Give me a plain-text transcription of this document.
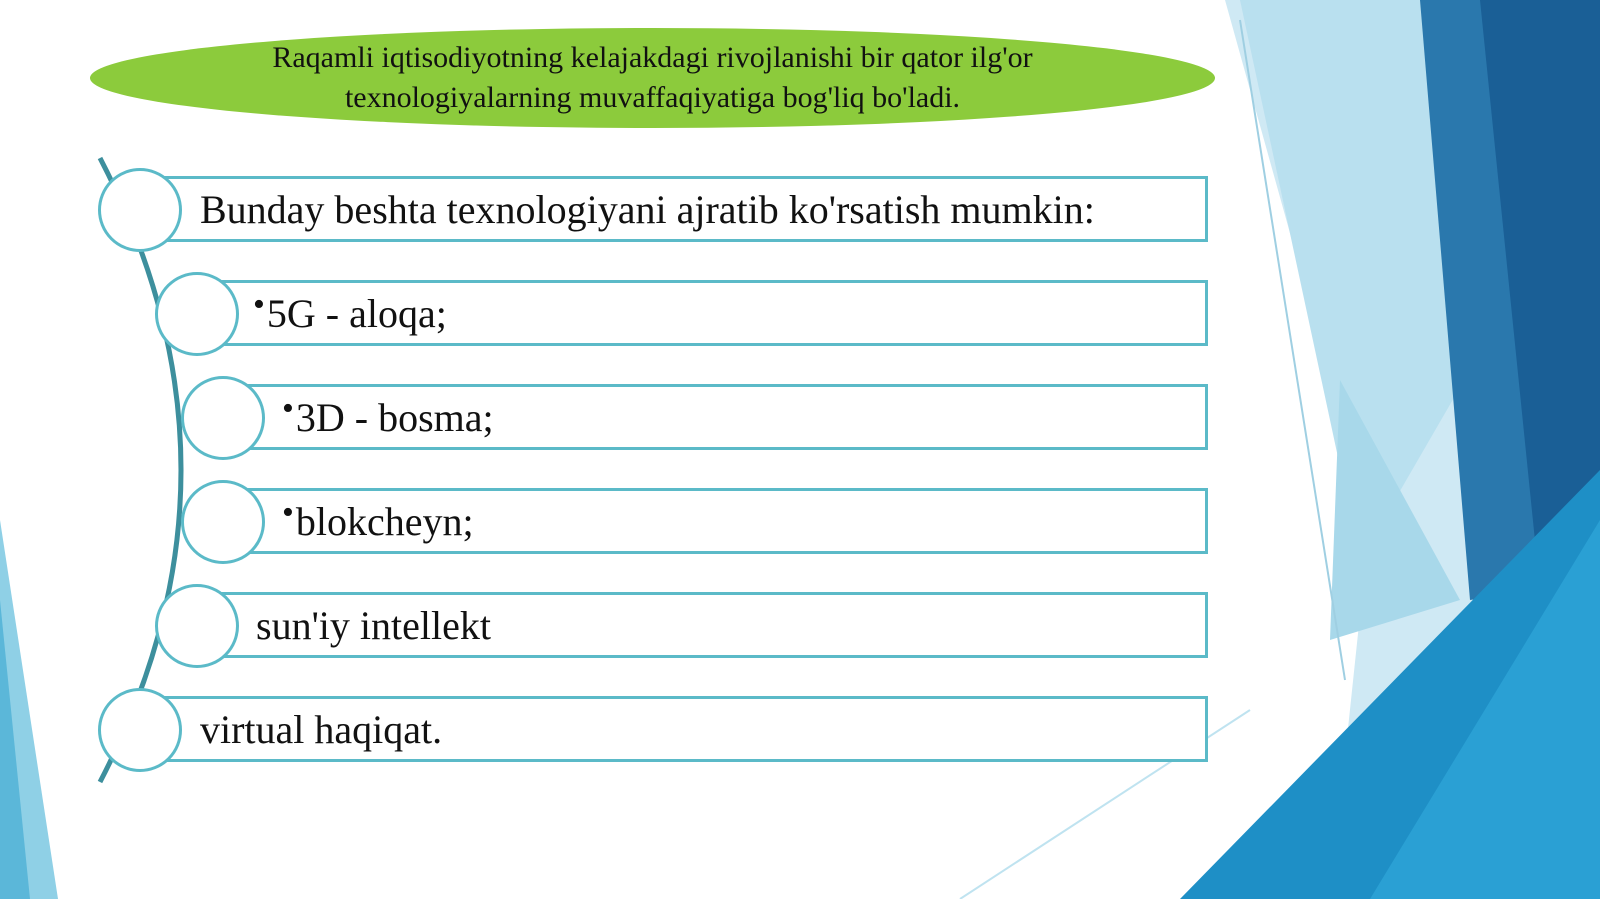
Raqamli iqtisodiyotning kelajakdagi rivojlanishi bir qator ilg'or texnologiyalarning muvaffaqiyatiga bog'liq bo'ladi.
Bunday beshta texnologiyani ajratib ko'rsatish mumkin:
• 5G - aloqa;
• 3D - bosma;
• blokcheyn;
sun'iy intellekt
virtual haqiqat.
